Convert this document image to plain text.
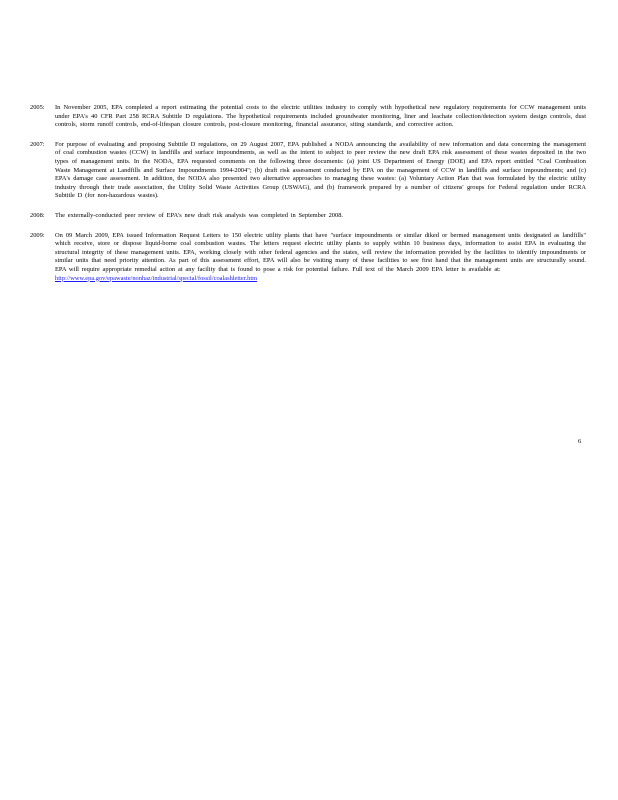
2005:	In November 2005, EPA completed a report estimating the potential costs to the electric utilities industry to comply with hypothetical new regulatory requirements for CCW management units under EPA's 40 CFR Part 258 RCRA Subtitle D regulations. The hypothetical requirements included groundwater monitoring, liner and leachate collection/detection system design controls, dust controls, storm runoff controls, end-of-lifespan closure controls, post-closure monitoring, financial assurance, siting standards, and corrective action.
2007:	For purpose of evaluating and proposing Subtitle D regulations, on 29 August 2007, EPA published a NODA announcing the availability of new information and data concerning the management of coal combustion wastes (CCW) in landfills and surface impoundments, as well as the intent to subject to peer review the new draft EPA risk assessment of these wastes deposited in the two types of management units. In the NODA, EPA requested comments on the following three documents: (a) joint US Department of Energy (DOE) and EPA report entitled "Coal Combustion Waste Management at Landfills and Surface Impoundments 1994-2004"; (b) draft risk assessment conducted by EPA on the management of CCW in landfills and surface impoundments; and (c) EPA's damage case assessment. In addition, the NODA also presented two alternative approaches to managing these wastes: (a) Voluntary Action Plan that was formulated by the electric utility industry through their trade association, the Utility Solid Waste Activities Group (USWAG), and (b) framework prepared by a number of citizens' groups for Federal regulation under RCRA Subtitle D (for non-hazardous wastes).
2008:	The externally-conducted peer review of EPA's new draft risk analysis was completed in September 2008.
2009:	On 09 March 2009, EPA issued Information Request Letters to 150 electric utility plants that have "surface impoundments or similar diked or bermed management units designated as landfills" which receive, store or dispose liquid-borne coal combustion wastes. The letters request electric utility plants to supply within 10 business days, information to assist EPA in evaluating the structural integrity of these management units. EPA, working closely with other federal agencies and the states, will review the information provided by the facilities to identify impoundments or similar units that need priority attention. As part of this assessment effort, EPA will also be visiting many of these facilities to see first hand that the management units are structurally sound. EPA will require appropriate remedial action at any facility that is found to pose a risk for potential failure. Full text of the March 2009 EPA letter is available at:
http://www.epa.gov/epawaste/nonhaz/industrial/special/fossil/coalashletter.htm
6
